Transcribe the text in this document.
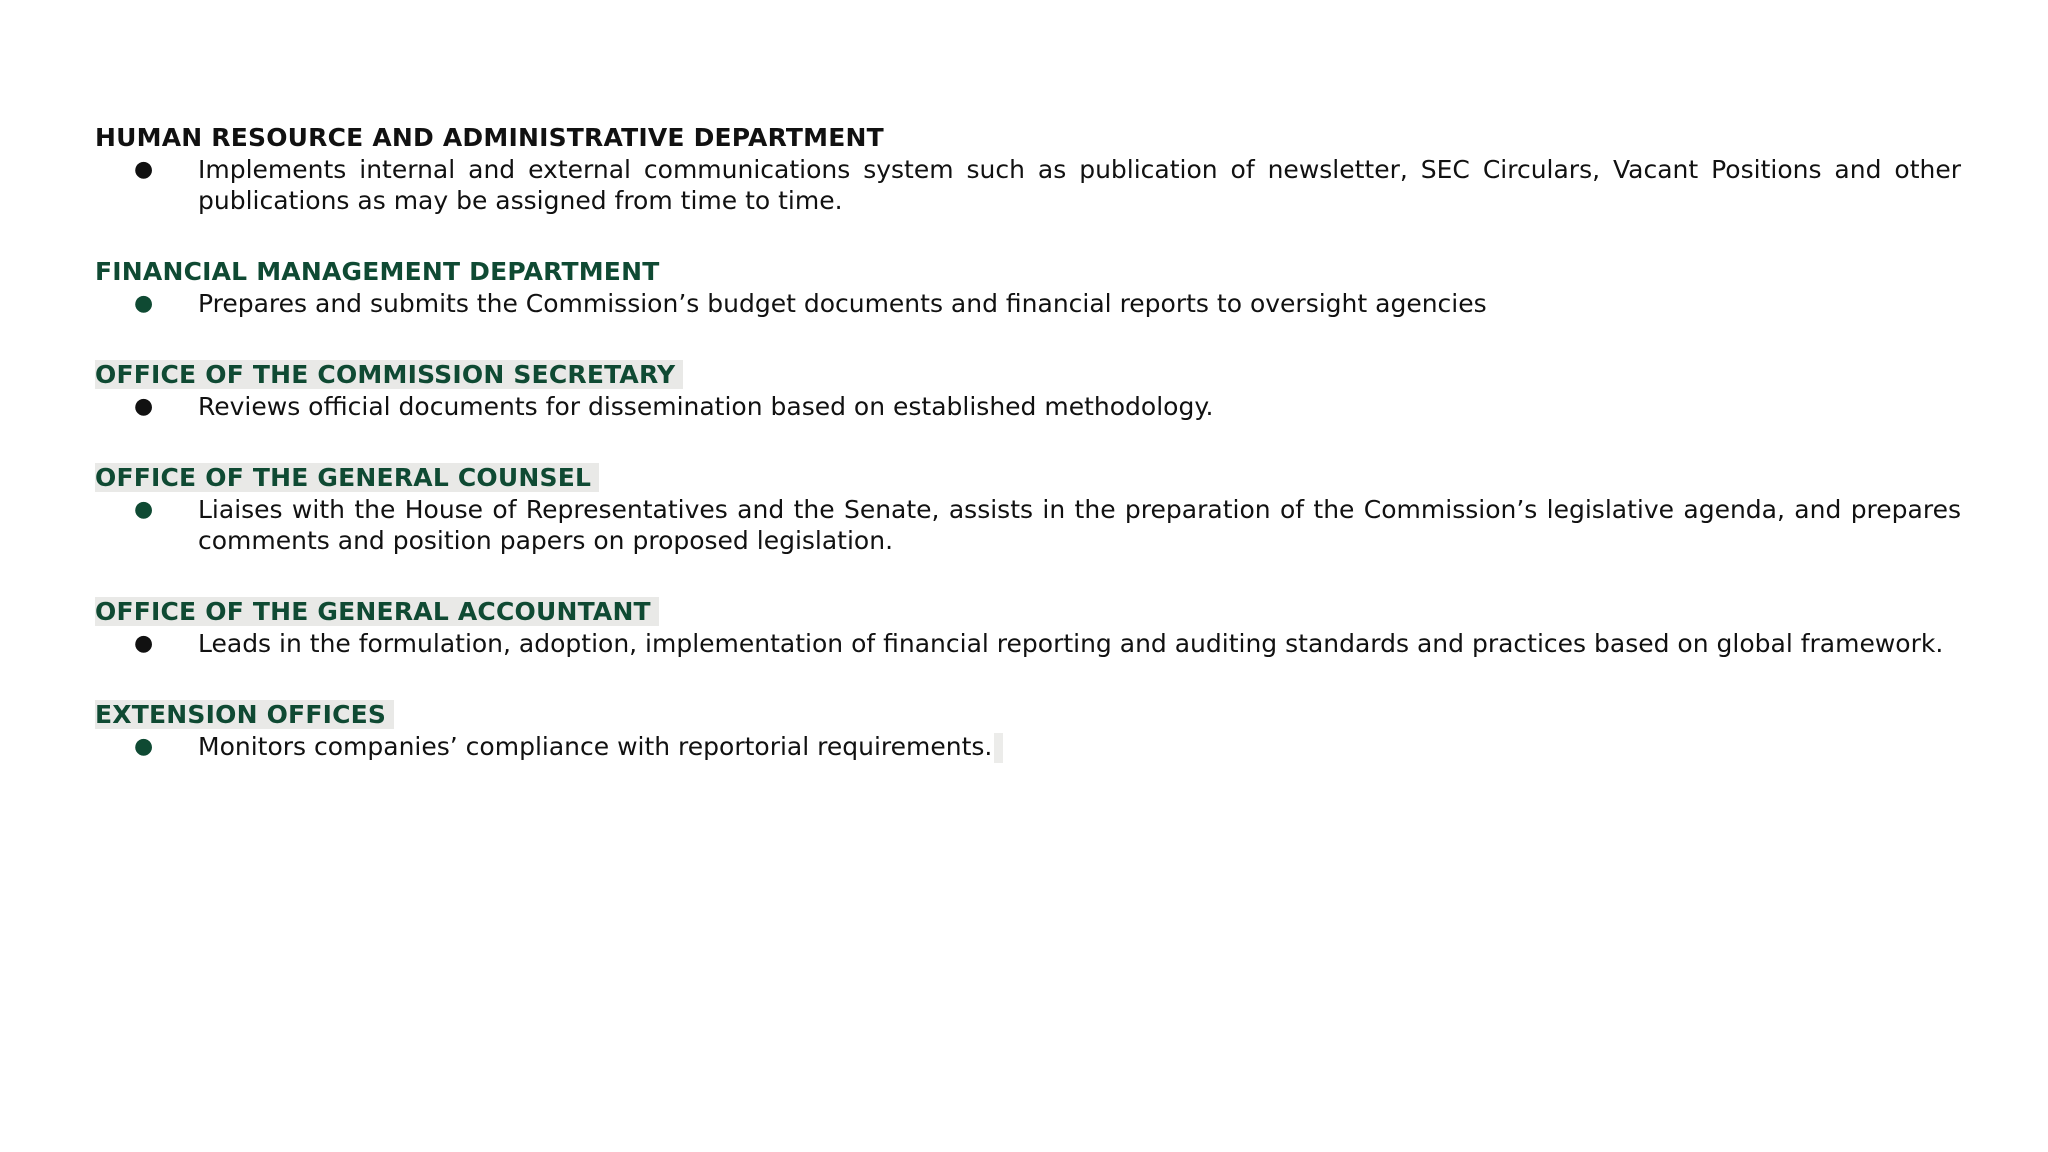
HUMAN RESOURCE AND ADMINISTRATIVE DEPARTMENT

● Implements internal and external communications system such as publication of newsletter, SEC Circulars, Vacant Positions and other publications as may be assigned from time to time.

FINANCIAL MANAGEMENT DEPARTMENT

● Prepares and submits the Commission’s budget documents and financial reports to oversight agencies

OFFICE OF THE COMMISSION SECRETARY

● Reviews official documents for dissemination based on established methodology.

OFFICE OF THE GENERAL COUNSEL

● Liaises with the House of Representatives and the Senate, assists in the preparation of the Commission’s legislative agenda, and prepares comments and position papers on proposed legislation.

OFFICE OF THE GENERAL ACCOUNTANT

● Leads in the formulation, adoption, implementation of financial reporting and auditing standards and practices based on global framework.

EXTENSION OFFICES

● Monitors companies’ compliance with reportorial requirements.
